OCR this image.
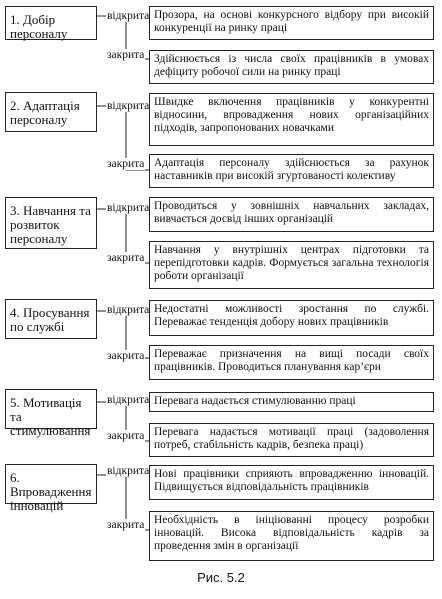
1. Добір персоналу
відкрита
закрита
Прозора, на основі конкурсного відбору при високій конкуренції на ринку праці
Здійснюється із числа своїх працівників в умовах дефіциту робочої сили на ринку праці
2. Адаптація персоналу
відкрита
закрита
Швидке включення працівників у конкурентні відносини, впровадження нових організаційних підходів, запропонованих новачками
Адаптація персоналу здійснюється за рахунок наставників при високій згуртованості колективу
3. Навчання та розвиток персоналу
відкрита
закрита
Проводиться у зовнішніх навчальних закладах, вивчається досвід інших організацій
Навчання у внутрішніх центрах підготовки та перепідготовки кадрів. Формується загальна технологія роботи організації
4. Просування по службі
відкрита
закрита
Недостатні можливості зростання по службі. Переважає тенденція добору нових працівників
Переважає призначення на вищі посади своїх працівників. Проводиться планування кар’єри
5. Мотивація та стимулювання
відкрита
закрита
Перевага надається стимулюванню праці
Перевага надається мотивації праці (задоволення потреб, стабільність кадрів, безпека праці)
6. Впровадження інновацій
відкрита
закрита
Нові працівники сприяють впровадженню інновацій. Підвищується відповідальність працівників
Необхідність в ініціюванні процесу розробки інновацій. Висока відповідальність кадрів за проведення змін в організації
Рис. 5.2
